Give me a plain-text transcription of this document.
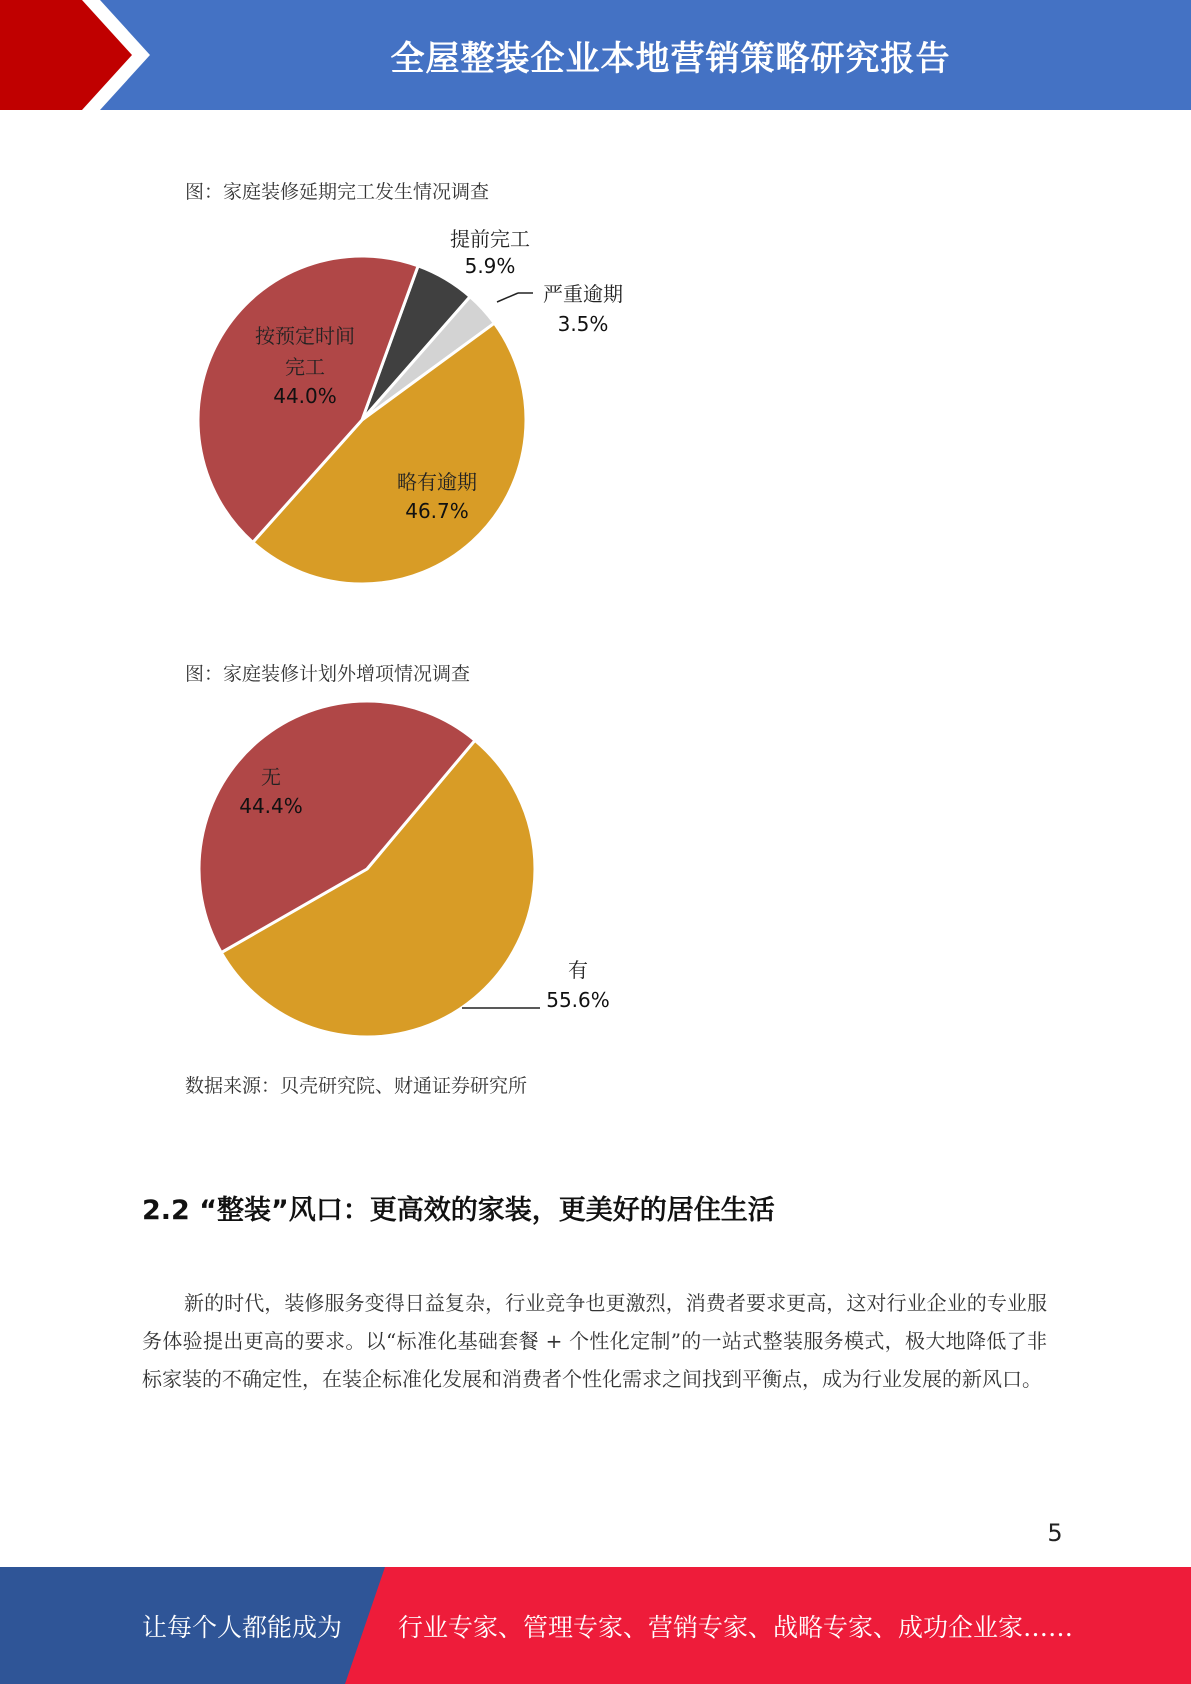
全屋整装企业本地营销策略研究报告
图：家庭装修延期完工发生情况调查
提前完工
5.9%
严重逾期
3.5%
按预定时间
完工
44.0%
略有逾期
46.7%
无
44.4%
有
55.6%
图：家庭装修计划外增项情况调查
数据来源：贝壳研究院、财通证券研究所
2.2 “整装”风口：更高效的家装，更美好的居住生活

新的时代，装修服务变得日益复杂，行业竞争也更激烈，消费者要求更高，这对行业企业的专业服务体验提出更高的要求。以“标准化基础套餐 + 个性化定制”的一站式整装服务模式，极大地降低了非标家装的不确定性，在装企标准化发展和消费者个性化需求之间找到平衡点，成为行业发展的新风口。

5
让每个人都能成为 行业专家、管理专家、营销专家、战略专家、成功企业家……
